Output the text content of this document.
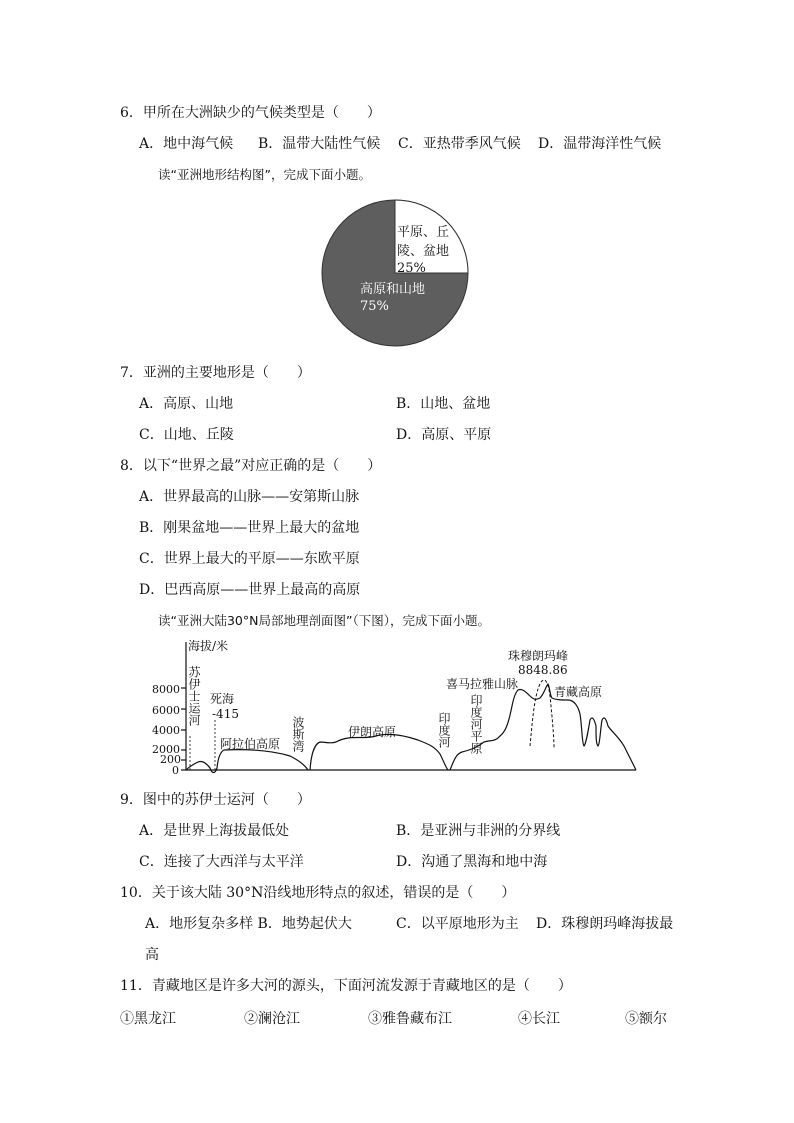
6．甲所在大洲缺少的气候类型是（　　）
A．地中海气候 B．温带大陆性气候 C．亚热带季风气候 D．温带海洋性气候
读“亚洲地形结构图”，完成下面小题。
平原、丘
陵、盆地
25%
高原和山地
75%
7．亚洲的主要地形是（　　）
A．高原、山地	B．山地、盆地
C．山地、丘陵	D．高原、平原
8．以下“世界之最”对应正确的是（　　）
A．世界最高的山脉——安第斯山脉
B．刚果盆地——世界上最大的盆地
C．世界上最大的平原——东欧平原
D．巴西高原——世界上最高的高原
读“亚洲大陆30°N局部地理剖面图”（下图），完成下面小题。
海拔/米
8000
6000
4000
2000
200
0
苏伊士运河 死海
-415
阿拉伯高原 波斯湾	伊朗高原	印度河 印度河平原
喜马拉雅山脉
珠穆朗玛峰
8848.86
青藏高原
9．图中的苏伊士运河（　　）
A．是世界上海拔最低处	B．是亚洲与非洲的分界线
C．连接了大西洋与太平洋	D．沟通了黑海和地中海
10．关于该大陆 30°N沿线地形特点的叙述，错误的是（　　）
A．地形复杂多样 B．地势起伏大	C．以平原地形为主 D．珠穆朗玛峰海拔最
高
11．青藏地区是许多大河的源头，下面河流发源于青藏地区的是（　　）
①黑龙江	②澜沧江	③雅鲁藏布江	④长江	⑤额尔
